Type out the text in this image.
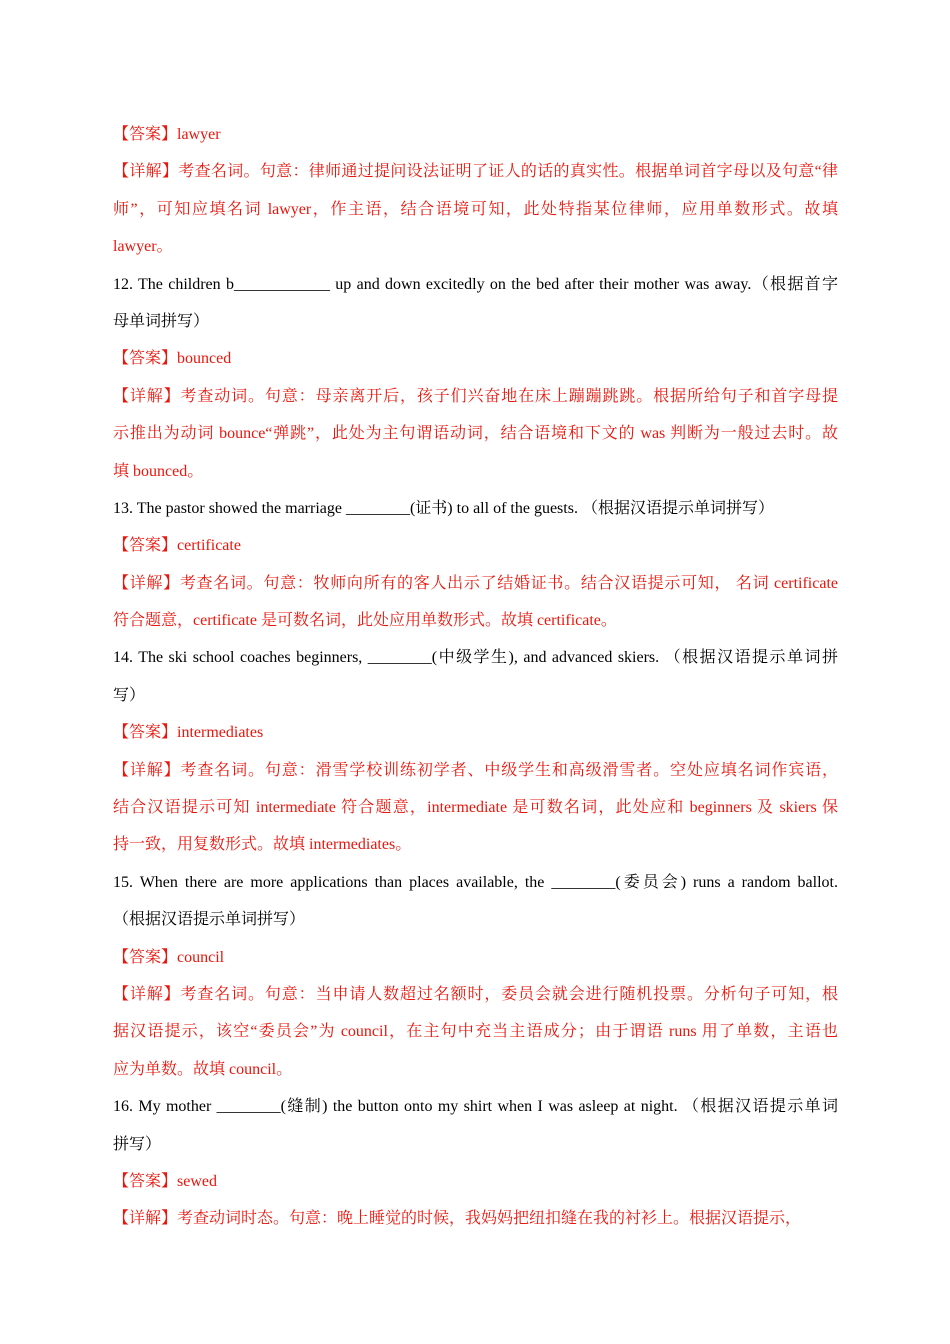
【答案】lawyer
【详解】考查名词。句意：律师通过提问设法证明了证人的话的真实性。根据单词首字母以及句意“律
师”，可知应填名词 lawyer，作主语，结合语境可知，此处特指某位律师，应用单数形式。故填
lawyer。
12. The children b____________ up and down excitedly on the bed after their mother was away.（根据首字
母单词拼写）
【答案】bounced
【详解】考查动词。句意：母亲离开后，孩子们兴奋地在床上蹦蹦跳跳。根据所给句子和首字母提
示推出为动词 bounce“弹跳”，此处为主句谓语动词，结合语境和下文的 was 判断为一般过去时。故
填 bounced。
13. The pastor showed the marriage ________(证书) to all of the guests. （根据汉语提示单词拼写）
【答案】certificate
【详解】考查名词。句意：牧师向所有的客人出示了结婚证书。结合汉语提示可知， 名词 certificate
符合题意，certificate 是可数名词，此处应用单数形式。故填 certificate。
14. The ski school coaches beginners, ________(中级学生), and advanced skiers. （根据汉语提示单词拼
写）
【答案】intermediates
【详解】考查名词。句意：滑雪学校训练初学者、中级学生和高级滑雪者。空处应填名词作宾语，
结合汉语提示可知 intermediate 符合题意，intermediate 是可数名词，此处应和 beginners 及 skiers 保
持一致，用复数形式。故填 intermediates。
15. When there are more applications than places available, the ________(委员会) runs a random ballot.
（根据汉语提示单词拼写）
【答案】council
【详解】考查名词。句意：当申请人数超过名额时，委员会就会进行随机投票。分析句子可知，根
据汉语提示，该空“委员会”为 council，在主句中充当主语成分；由于谓语 runs 用了单数，主语也
应为单数。故填 council。
16. My mother ________(缝制) the button onto my shirt when I was asleep at night. （根据汉语提示单词
拼写）
【答案】sewed
【详解】考查动词时态。句意：晚上睡觉的时候，我妈妈把纽扣缝在我的衬衫上。根据汉语提示，
